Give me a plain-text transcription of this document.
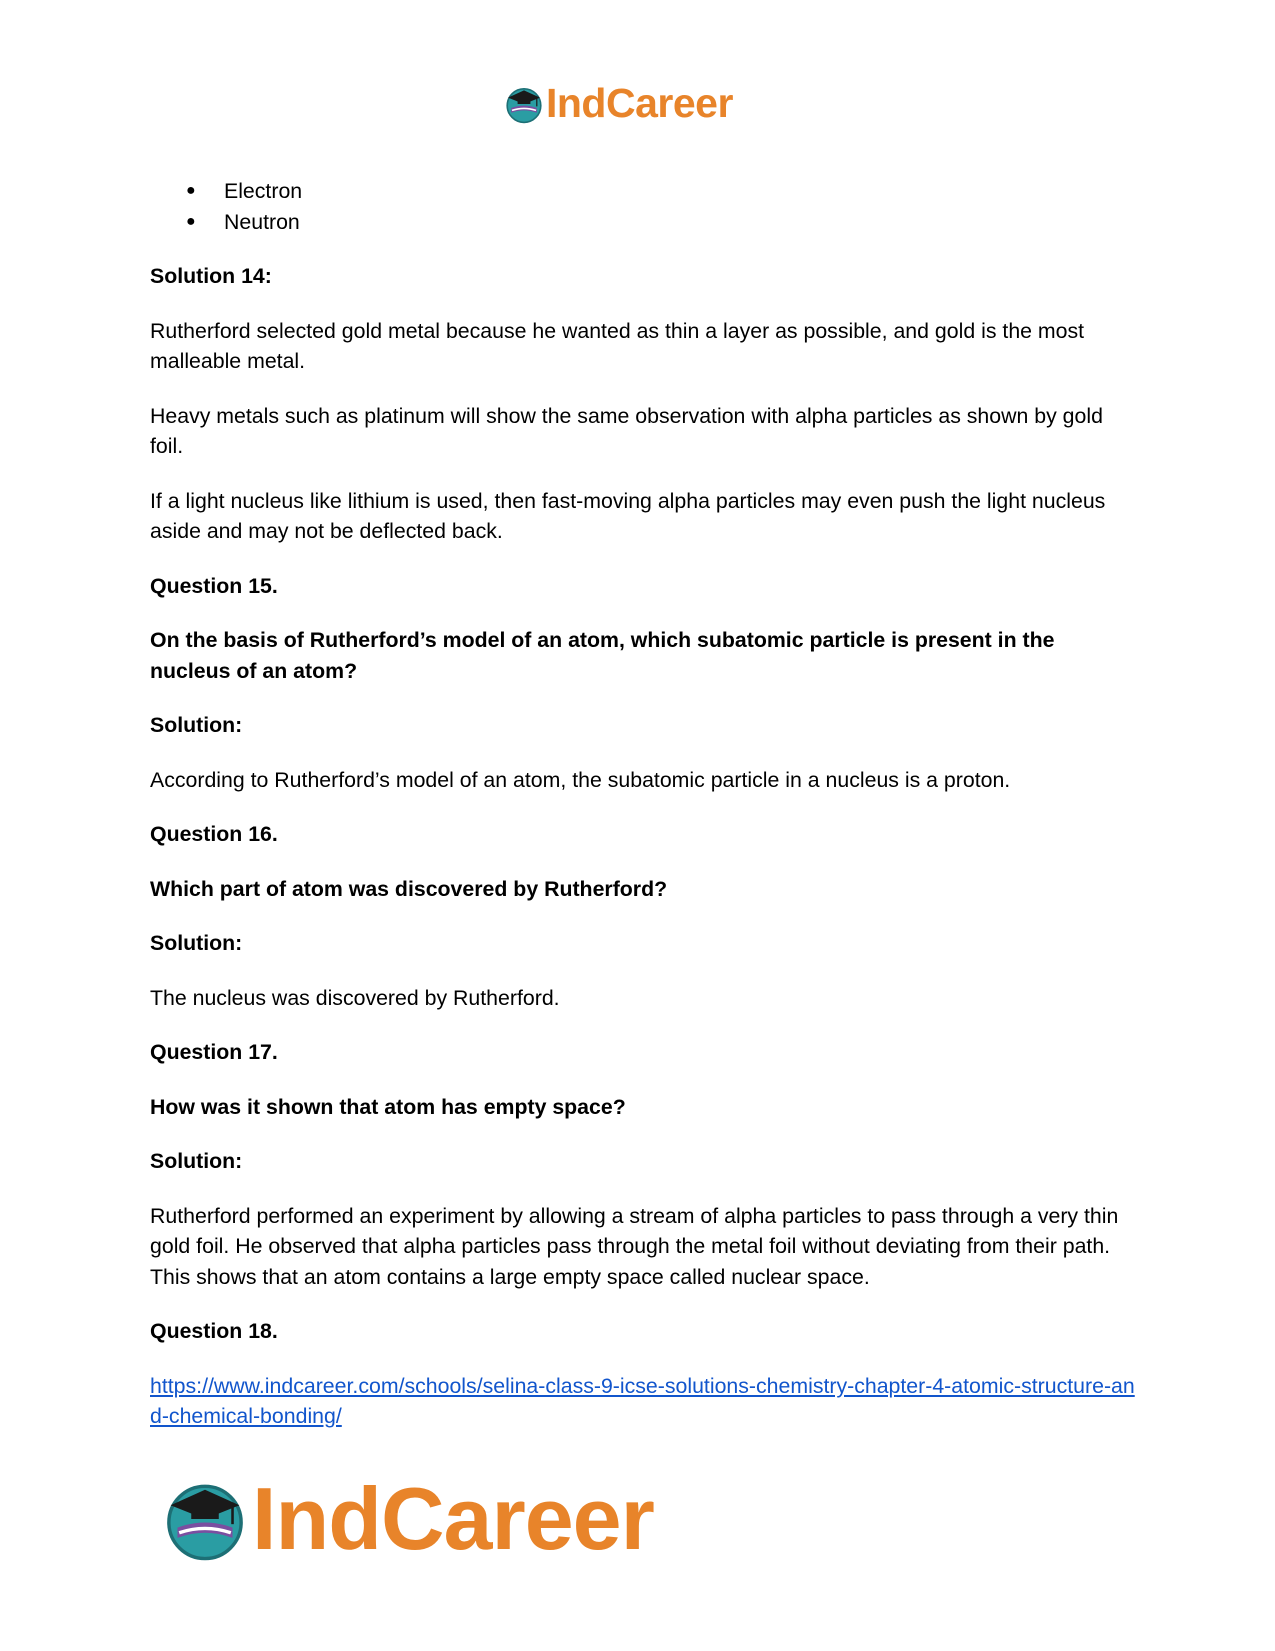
IndCareer
● Electron
● Neutron

Solution 14:

Rutherford selected gold metal because he wanted as thin a layer as possible, and gold is the most malleable metal.

Heavy metals such as platinum will show the same observation with alpha particles as shown by gold foil.

If a light nucleus like lithium is used, then fast-moving alpha particles may even push the light nucleus aside and may not be deflected back.

Question 15.

On the basis of Rutherford’s model of an atom, which subatomic particle is present in the nucleus of an atom?

Solution:

According to Rutherford’s model of an atom, the subatomic particle in a nucleus is a proton.

Question 16.

Which part of atom was discovered by Rutherford?

Solution:

The nucleus was discovered by Rutherford.

Question 17.

How was it shown that atom has empty space?

Solution:

Rutherford performed an experiment by allowing a stream of alpha particles to pass through a very thin gold foil. He observed that alpha particles pass through the metal foil without deviating from their path. This shows that an atom contains a large empty space called nuclear space.

Question 18.

https://www.indcareer.com/schools/selina-class-9-icse-solutions-chemistry-chapter-4-atomic-structure-and-chemical-bonding/

IndCareer
